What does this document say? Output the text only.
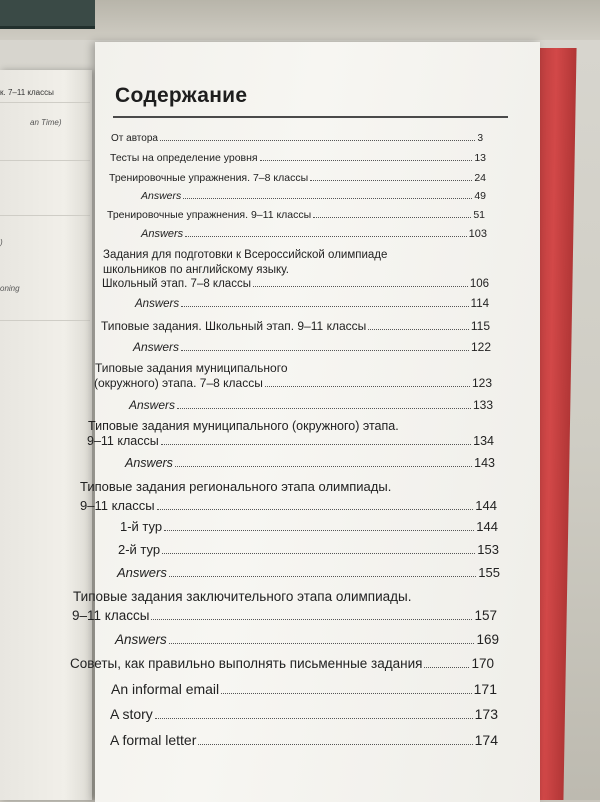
к. 7–11 классы
an Time)
oning
)
Содержание
От автора	3
Тесты на определение уровня	13
Тренировочные упражнения. 7–8 классы	24
Answers	49
Тренировочные упражнения. 9–11 классы	51
Answers	103
Задания для подготовки к Всероссийской олимпиаде
школьников по английскому языку.
Школьный этап. 7–8 классы	106
Answers	114
Типовые задания. Школьный этап. 9–11 классы	115
Answers	122
Типовые задания муниципального
(окружного) этапа. 7–8 классы	123
Answers	133
Типовые задания муниципального (окружного) этапа.
9–11 классы	134
Answers	143
Типовые задания регионального этапа олимпиады.
9–11 классы	144
1-й тур	144
2-й тур	153
Answers	155
Типовые задания заключительного этапа олимпиады.
9–11 классы	157
Answers	169
Советы, как правильно выполнять письменные задания	170
An informal email	171
A story	173
A formal letter	174
